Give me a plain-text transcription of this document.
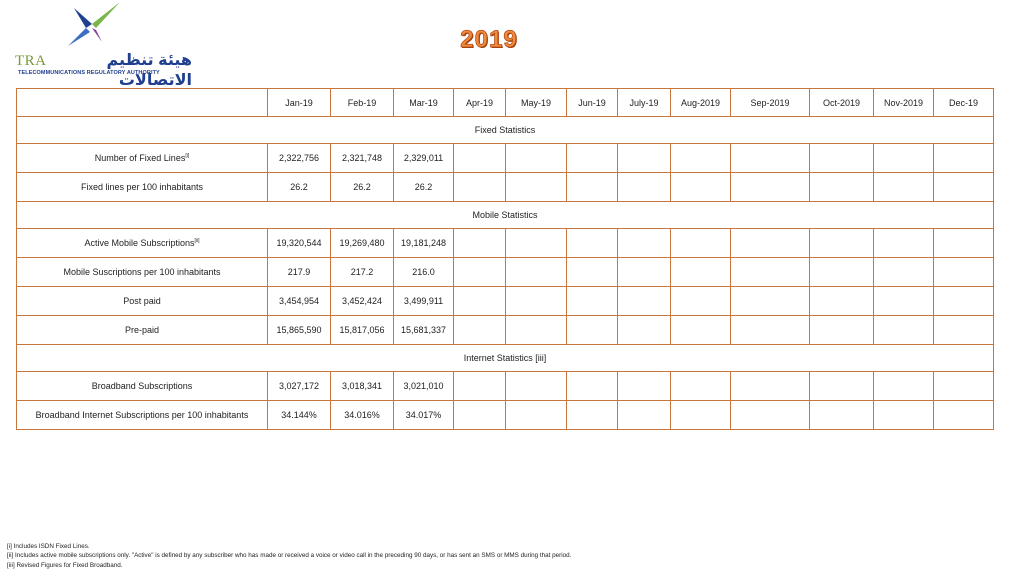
TRA	هيئة تنظيم الاتصالات
TELECOMMUNICATIONS REGULATORY AUTHORITY
2019
	Jan-19	Feb-19	Mar-19	Apr-19	May-19	Jun-19	July-19	Aug-2019	Sep-2019	Oct-2019	Nov-2019	Dec-19
Fixed Statistics												
Number of Fixed Lines[i]	2,322,756	2,321,748	2,329,011									
Fixed lines per 100 inhabitants	26.2	26.2	26.2									
Mobile Statistics												
Active Mobile Subscriptions[ii]	19,320,544	19,269,480	19,181,248									
Mobile Suscriptions per 100 inhabitants	217.9	217.2	216.0									
Post paid	3,454,954	3,452,424	3,499,911									
Pre-paid	15,865,590	15,817,056	15,681,337									
Internet Statistics [iii]												
Broadband Subscriptions	3,027,172	3,018,341	3,021,010									
Broadband Internet Subscriptions per 100 inhabitants	34.144%	34.016%	34.017%									
[i] Includes ISDN Fixed Lines.
[ii] Includes active mobile subscriptions only. "Active" is defined by any subscriber who has made or received a voice or video call in the preceding 90 days, or has sent an SMS or MMS during that period.
[iii] Revised Figures for Fixed Broadband.
